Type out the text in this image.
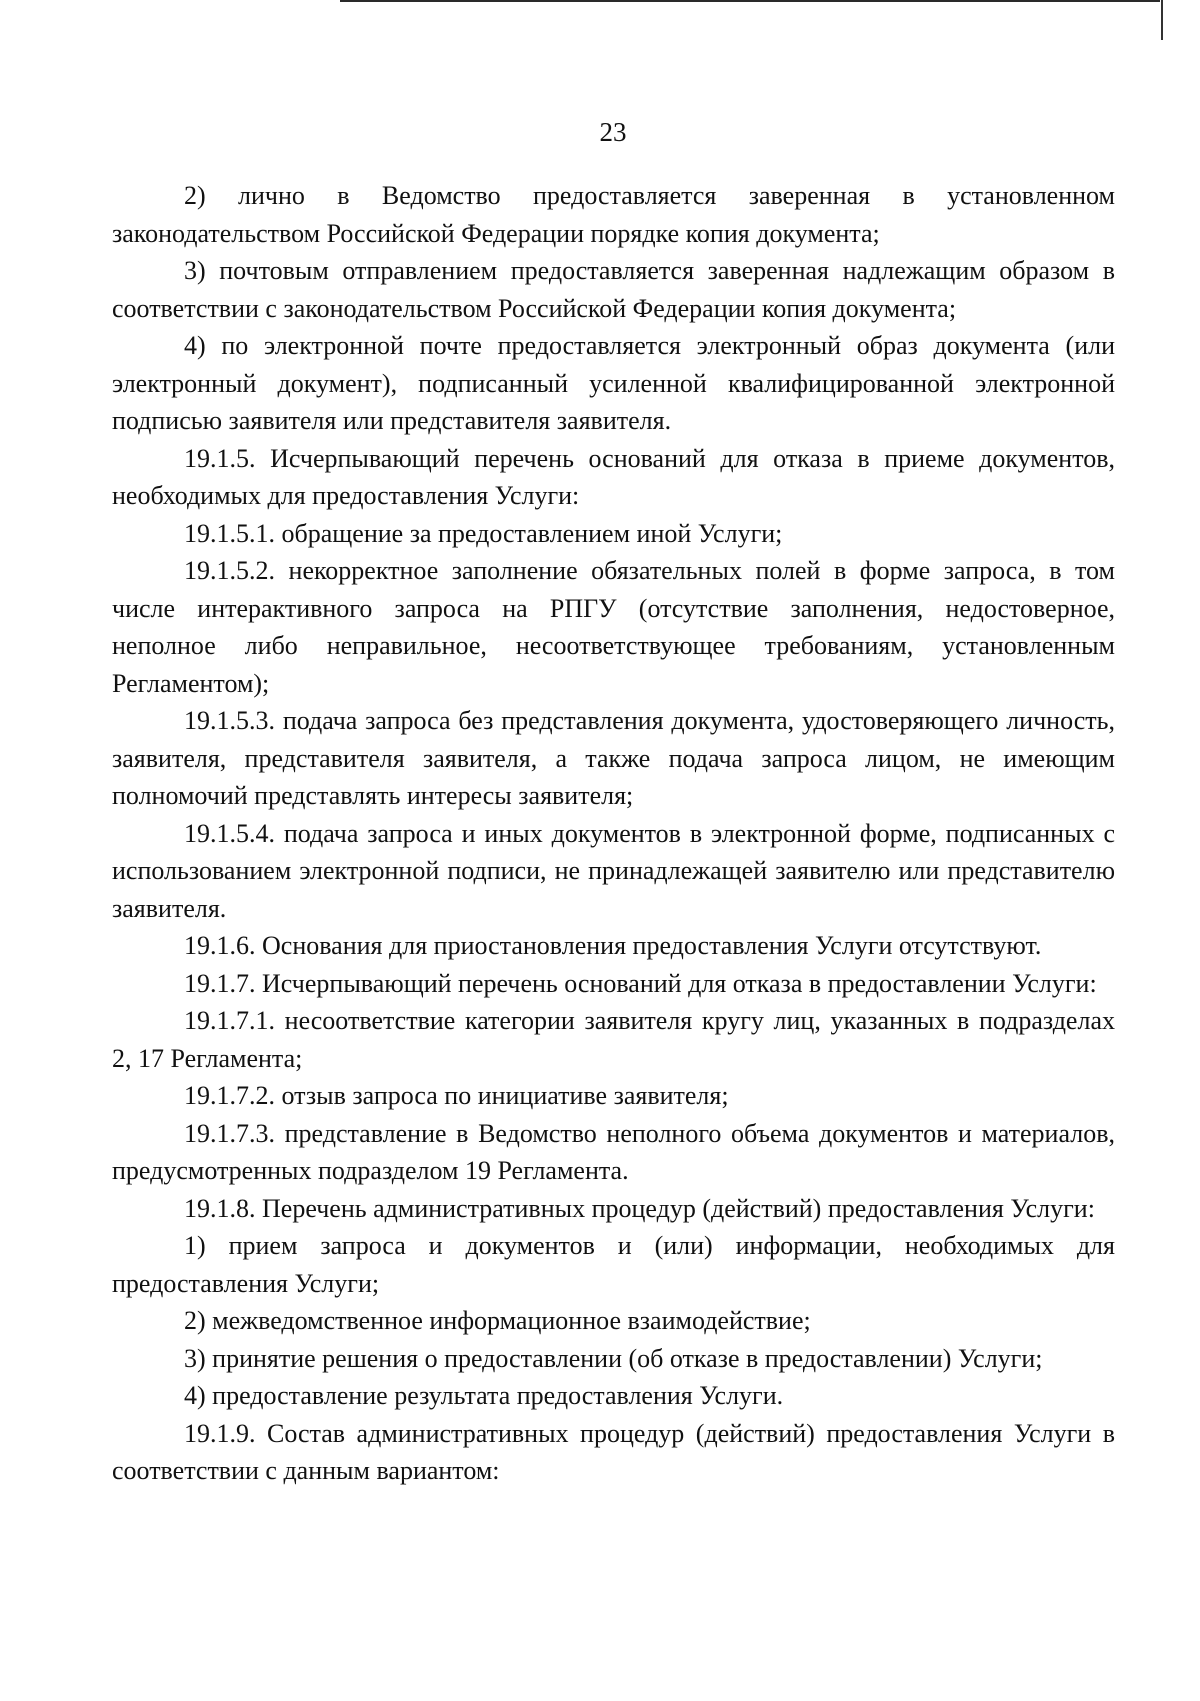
23

2) лично в Ведомство предоставляется заверенная в установленном законодательством Российской Федерации порядке копия документа;

3) почтовым отправлением предоставляется заверенная надлежащим образом в соответствии с законодательством Российской Федерации копия документа;

4) по электронной почте предоставляется электронный образ документа (или электронный документ), подписанный усиленной квалифицированной электронной подписью заявителя или представителя заявителя.

19.1.5. Исчерпывающий перечень оснований для отказа в приеме документов, необходимых для предоставления Услуги:

19.1.5.1. обращение за предоставлением иной Услуги;

19.1.5.2. некорректное заполнение обязательных полей в форме запроса, в том числе интерактивного запроса на РПГУ (отсутствие заполнения, недостоверное, неполное либо неправильное, несоответствующее требованиям, установленным Регламентом);

19.1.5.3. подача запроса без представления документа, удостоверяющего личность, заявителя, представителя заявителя, а также подача запроса лицом, не имеющим полномочий представлять интересы заявителя;

19.1.5.4. подача запроса и иных документов в электронной форме, подписанных с использованием электронной подписи, не принадлежащей заявителю или представителю заявителя.

19.1.6. Основания для приостановления предоставления Услуги отсутствуют.

19.1.7. Исчерпывающий перечень оснований для отказа в предоставлении Услуги:

19.1.7.1. несоответствие категории заявителя кругу лиц, указанных в подразделах 2, 17 Регламента;

19.1.7.2. отзыв запроса по инициативе заявителя;

19.1.7.3. представление в Ведомство неполного объема документов и материалов, предусмотренных подразделом 19 Регламента.

19.1.8. Перечень административных процедур (действий) предоставления Услуги:

1) прием запроса и документов и (или) информации, необходимых для предоставления Услуги;

2) межведомственное информационное взаимодействие;

3) принятие решения о предоставлении (об отказе в предоставлении) Услуги;

4) предоставление результата предоставления Услуги.

19.1.9. Состав административных процедур (действий) предоставления Услуги в соответствии с данным вариантом:
